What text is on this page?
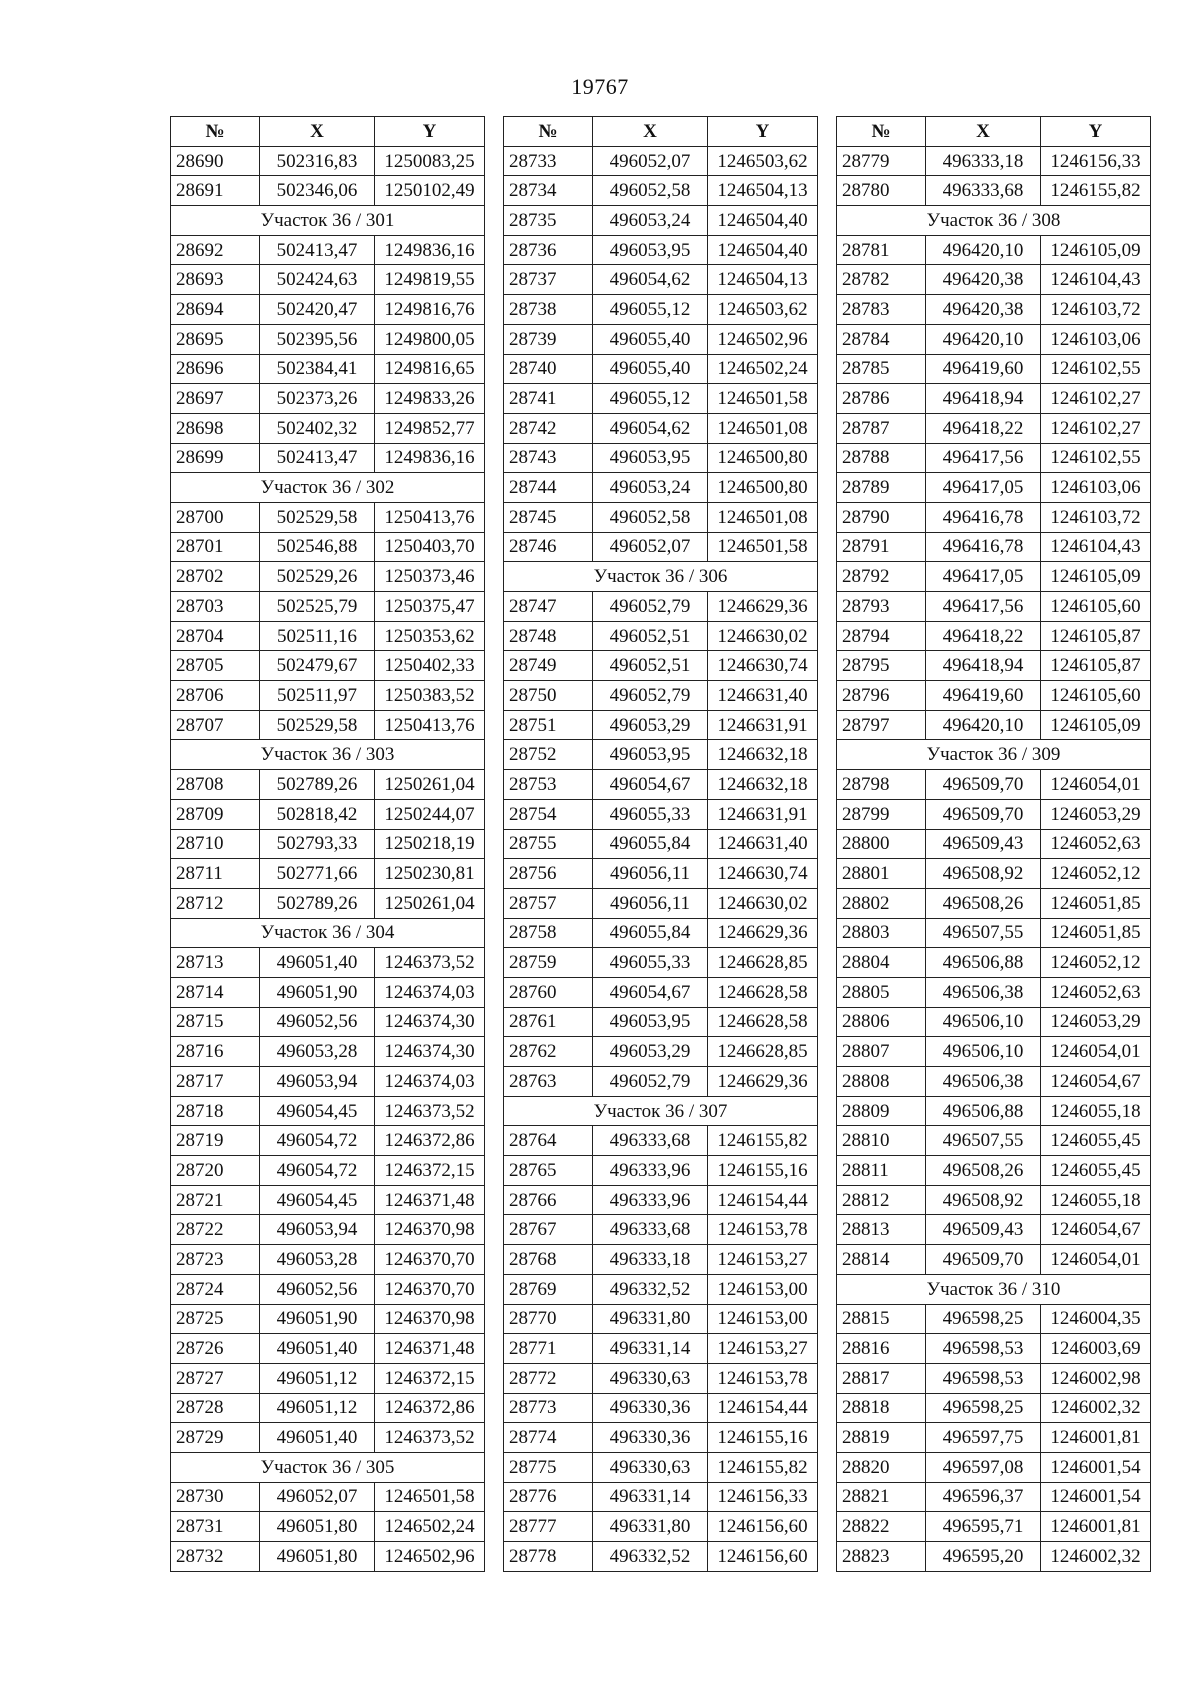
19767
№	X	Y
28690	502316,83	1250083,25
28691	502346,06	1250102,49
Участок 36 / 301		
28692	502413,47	1249836,16
28693	502424,63	1249819,55
28694	502420,47	1249816,76
28695	502395,56	1249800,05
28696	502384,41	1249816,65
28697	502373,26	1249833,26
28698	502402,32	1249852,77
28699	502413,47	1249836,16
Участок 36 / 302		
28700	502529,58	1250413,76
28701	502546,88	1250403,70
28702	502529,26	1250373,46
28703	502525,79	1250375,47
28704	502511,16	1250353,62
28705	502479,67	1250402,33
28706	502511,97	1250383,52
28707	502529,58	1250413,76
Участок 36 / 303		
28708	502789,26	1250261,04
28709	502818,42	1250244,07
28710	502793,33	1250218,19
28711	502771,66	1250230,81
28712	502789,26	1250261,04
Участок 36 / 304		
28713	496051,40	1246373,52
28714	496051,90	1246374,03
28715	496052,56	1246374,30
28716	496053,28	1246374,30
28717	496053,94	1246374,03
28718	496054,45	1246373,52
28719	496054,72	1246372,86
28720	496054,72	1246372,15
28721	496054,45	1246371,48
28722	496053,94	1246370,98
28723	496053,28	1246370,70
28724	496052,56	1246370,70
28725	496051,90	1246370,98
28726	496051,40	1246371,48
28727	496051,12	1246372,15
28728	496051,12	1246372,86
28729	496051,40	1246373,52
Участок 36 / 305		
28730	496052,07	1246501,58
28731	496051,80	1246502,24
28732	496051,80	1246502,96
№	X	Y
28733	496052,07	1246503,62
28734	496052,58	1246504,13
28735	496053,24	1246504,40
28736	496053,95	1246504,40
28737	496054,62	1246504,13
28738	496055,12	1246503,62
28739	496055,40	1246502,96
28740	496055,40	1246502,24
28741	496055,12	1246501,58
28742	496054,62	1246501,08
28743	496053,95	1246500,80
28744	496053,24	1246500,80
28745	496052,58	1246501,08
28746	496052,07	1246501,58
Участок 36 / 306		
28747	496052,79	1246629,36
28748	496052,51	1246630,02
28749	496052,51	1246630,74
28750	496052,79	1246631,40
28751	496053,29	1246631,91
28752	496053,95	1246632,18
28753	496054,67	1246632,18
28754	496055,33	1246631,91
28755	496055,84	1246631,40
28756	496056,11	1246630,74
28757	496056,11	1246630,02
28758	496055,84	1246629,36
28759	496055,33	1246628,85
28760	496054,67	1246628,58
28761	496053,95	1246628,58
28762	496053,29	1246628,85
28763	496052,79	1246629,36
Участок 36 / 307		
28764	496333,68	1246155,82
28765	496333,96	1246155,16
28766	496333,96	1246154,44
28767	496333,68	1246153,78
28768	496333,18	1246153,27
28769	496332,52	1246153,00
28770	496331,80	1246153,00
28771	496331,14	1246153,27
28772	496330,63	1246153,78
28773	496330,36	1246154,44
28774	496330,36	1246155,16
28775	496330,63	1246155,82
28776	496331,14	1246156,33
28777	496331,80	1246156,60
28778	496332,52	1246156,60
№	X	Y
28779	496333,18	1246156,33
28780	496333,68	1246155,82
Участок 36 / 308		
28781	496420,10	1246105,09
28782	496420,38	1246104,43
28783	496420,38	1246103,72
28784	496420,10	1246103,06
28785	496419,60	1246102,55
28786	496418,94	1246102,27
28787	496418,22	1246102,27
28788	496417,56	1246102,55
28789	496417,05	1246103,06
28790	496416,78	1246103,72
28791	496416,78	1246104,43
28792	496417,05	1246105,09
28793	496417,56	1246105,60
28794	496418,22	1246105,87
28795	496418,94	1246105,87
28796	496419,60	1246105,60
28797	496420,10	1246105,09
Участок 36 / 309		
28798	496509,70	1246054,01
28799	496509,70	1246053,29
28800	496509,43	1246052,63
28801	496508,92	1246052,12
28802	496508,26	1246051,85
28803	496507,55	1246051,85
28804	496506,88	1246052,12
28805	496506,38	1246052,63
28806	496506,10	1246053,29
28807	496506,10	1246054,01
28808	496506,38	1246054,67
28809	496506,88	1246055,18
28810	496507,55	1246055,45
28811	496508,26	1246055,45
28812	496508,92	1246055,18
28813	496509,43	1246054,67
28814	496509,70	1246054,01
Участок 36 / 310		
28815	496598,25	1246004,35
28816	496598,53	1246003,69
28817	496598,53	1246002,98
28818	496598,25	1246002,32
28819	496597,75	1246001,81
28820	496597,08	1246001,54
28821	496596,37	1246001,54
28822	496595,71	1246001,81
28823	496595,20	1246002,32
